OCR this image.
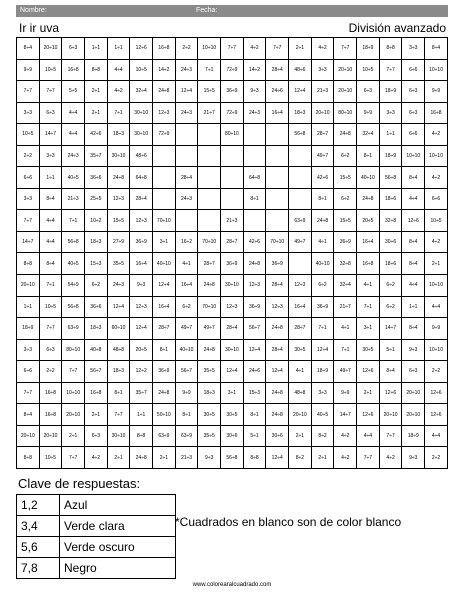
Nombre:	Fecha:
Ir ir uva	División avanzado
8÷4	20÷10	6÷3	1÷1	1÷1	12÷6	16÷8	2÷2	10÷10	7÷7	4÷2	7÷7	2÷1	4÷2	7÷7	18÷9	8÷8	3÷3	8÷4
9÷9	10÷5	16÷8	8÷8	4÷4	10÷5	14÷2	24÷3	7÷1	72÷9	14÷2	28÷4	48÷6	3÷3	20÷10	10÷5	7÷7	6÷6	10÷10
7÷7	7÷7	5÷5	2÷1	4÷2	32÷4	24÷8	12÷4	15÷5	36÷9	9÷3	24÷6	12÷4	21÷3	20÷10	6÷3	18÷9	6÷3	9÷9
3÷3	6÷3	4÷4	2÷1	7÷1	30÷10	12÷3	24÷3	21÷7	72÷9	24÷3	16÷4	18÷3	20÷10	80÷10	9÷9	3÷3	6÷3	16÷8
10÷5	14÷7	4÷4	42÷6	18÷3	30÷10	72÷9			80÷10			56÷8	28÷7	24÷8	32÷4	1÷1	6÷6	4÷2
2÷2	3÷3	24÷3	35÷7	30÷10	48÷6								49÷7	6÷2	8÷1	18÷9	10÷10	10÷10
6÷6	1÷1	40÷5	36÷6	24÷8	64÷8		28÷4			64÷8			42÷6	15÷5	40÷10	56÷8	8÷4	4÷2
3÷3	8÷4	21÷3	25÷5	12÷3	28÷4		24÷3			8÷1			8÷1	6÷2	24÷8	18÷6	4÷4	6÷6
7÷7	4÷4	7÷1	10÷2	15÷5	12÷3	70÷10			21÷3			63÷9	24÷8	15÷5	20÷5	32÷8	12÷6	10÷5
14÷7	4÷4	56÷8	18÷3	27÷9	36÷9	3÷1	16÷2	70÷10	28÷7	42÷6	70÷10	49÷7	4÷1	36÷9	16÷4	30÷6	8÷4	4÷2
8÷8	8÷4	40÷5	15÷3	35÷5	16÷4	40÷10	4÷1	28÷7	36÷9	24÷8	36÷9		40÷10	32÷8	16÷8	18÷6	8÷4	2÷1
20÷10	7÷1	54÷9	6÷2	24÷3	9÷3	12÷4	16÷4	24÷8	30÷10	12÷3	28÷4	12÷3	6÷2	32÷4	4÷1	6÷2	4÷4	10÷10
1÷1	10÷5	56÷8	36÷6	12÷4	12÷3	16÷4	6÷2	70÷10	12÷3	36÷9	12÷3	16÷4	36÷9	21÷7	7÷1	6÷2	1÷1	4÷4
18÷9	7÷7	63÷9	18÷3	60÷10	12÷4	28÷7	49÷7	49÷7	28÷4	56÷7	24÷8	28÷7	7÷1	4÷1	3÷1	14÷7	8÷4	9÷9
3÷3	6÷3	80÷10	40÷8	48÷8	20÷5	8÷1	40÷10	24÷8	30÷10	12÷4	28÷4	30÷5	12÷4	7÷1	30÷5	5÷1	9÷3	10÷10
6÷6	2÷2	7÷7	56÷7	18÷3	12÷2	36÷9	56÷7	35÷5	12÷4	24÷6	12÷4	4÷1	18÷9	49÷7	12÷6	8÷4	6÷3	2÷2
7÷7	16÷8	10÷10	16÷8	8÷1	35÷7	24÷8	9÷9	18÷3	3÷1	15÷3	24÷8	48÷8	3÷3	9÷9	2÷1	12÷6	20÷10	12÷6
8÷4	16÷8	20÷10	2÷1	7÷7	1÷1	50÷10	8÷1	30÷5	30÷5	8÷1	24÷8	20÷10	40÷5	14÷7	12÷6	20÷10	20÷10	12÷6
20÷10	20÷10	2÷1	6÷3	30÷10	8÷8	63÷9	63÷9	35÷5	30÷6	5÷1	30÷6	2÷1	8÷2	4÷2	4÷4	7÷7	18÷9	4÷4
8÷8	10÷5	7÷7	4÷2	2÷1	24÷8	2÷1	21÷3	9÷3	56÷8	8÷8	12÷4	8÷2	2÷1	4÷2	7÷7	4÷2	9÷3	2÷2
Clave de respuestas:
1,2	Azul
3,4	Verde clara
5,6	Verde oscuro
7,8	Negro
*Cuadrados en blanco son de color blanco
www.colorearalcuadrado.com
